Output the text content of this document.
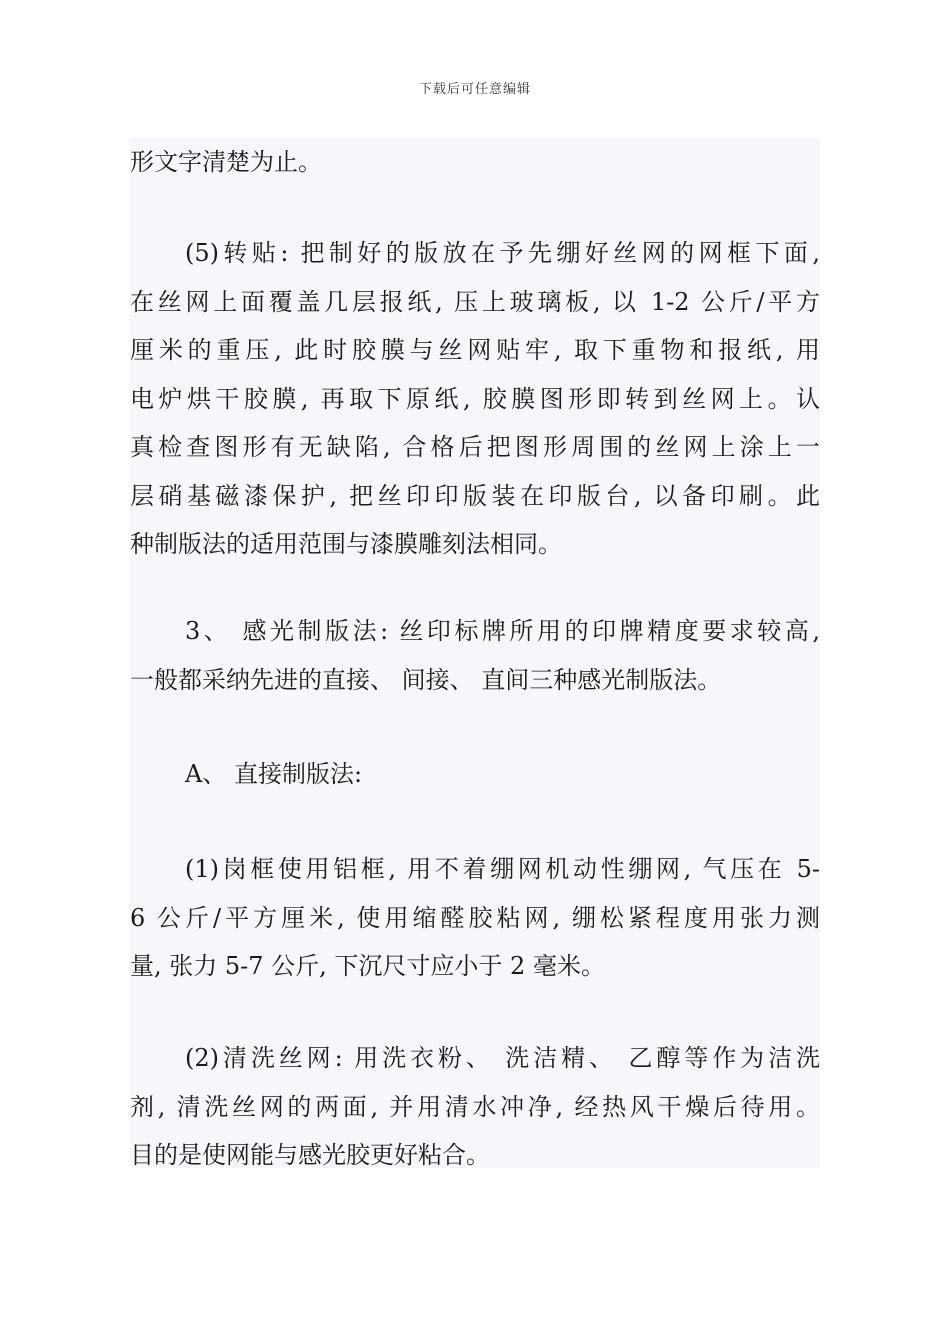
下载后可任意编辑

形文字清楚为止。

(5)转贴: 把制好的版放在予先绷好丝网的网框下面,
在丝网上面覆盖几层报纸, 压上玻璃板, 以 1-2 公斤/平方
厘米的重压, 此时胶膜与丝网贴牢, 取下重物和报纸, 用
电炉烘干胶膜, 再取下原纸, 胶膜图形即转到丝网上。认
真检查图形有无缺陷, 合格后把图形周围的丝网上涂上一
层硝基磁漆保护, 把丝印印版装在印版台, 以备印刷。此
种制版法的适用范围与漆膜雕刻法相同。

3、 感光制版法: 丝印标牌所用的印牌精度要求较高,
一般都采纳先进的直接、 间接、 直间三种感光制版法。

A、 直接制版法:

(1)岗框使用铝框, 用不着绷网机动性绷网, 气压在 5-
6 公斤/平方厘米, 使用缩醛胶粘网, 绷松紧程度用张力测
量, 张力 5-7 公斤, 下沉尺寸应小于 2 毫米。

(2)清洗丝网: 用洗衣粉、 洗洁精、 乙醇等作为洁洗
剂, 清洗丝网的两面, 并用清水冲净, 经热风干燥后待用。
目的是使网能与感光胶更好粘合。
